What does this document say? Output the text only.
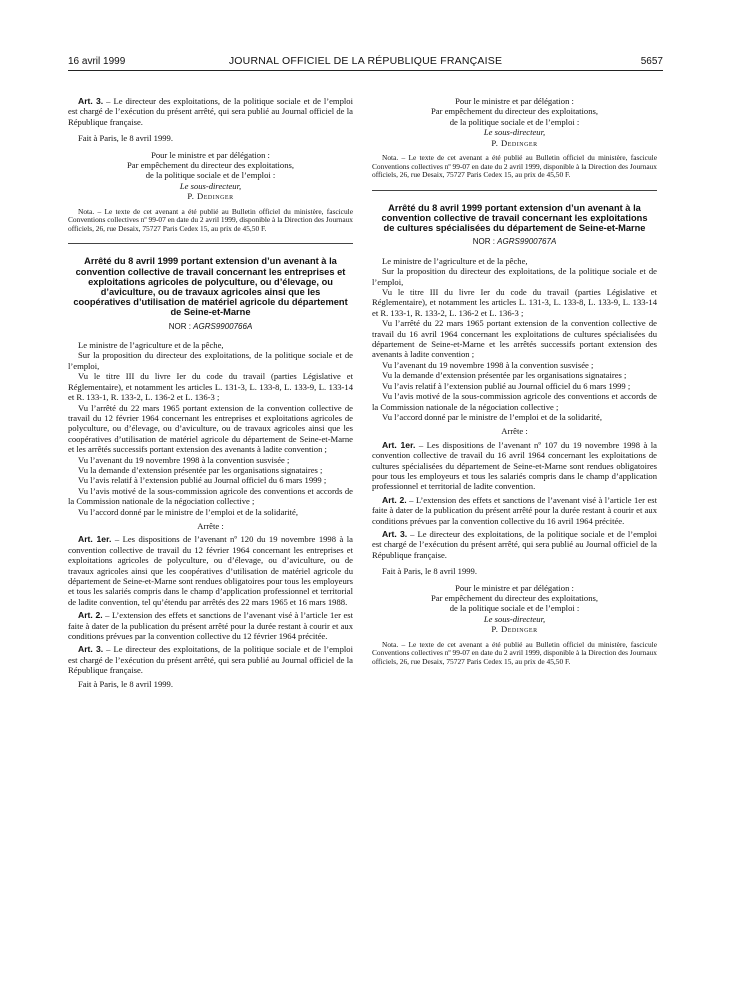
16 avril 1999	JOURNAL OFFICIEL DE LA RÉPUBLIQUE FRANÇAISE	5657

Art. 3. – Le directeur des exploitations, de la politique sociale et de l’emploi est chargé de l’exécution du présent arrêté, qui sera publié au Journal officiel de la République française.

Fait à Paris, le 8 avril 1999.

Pour le ministre et par délégation :

Par empêchement du directeur des exploitations,

de la politique sociale et de l’emploi :

Le sous-directeur,

P. Dedinger

Nota. – Le texte de cet avenant a été publié au Bulletin officiel du ministère, fascicule Conventions collectives nº 99-07 en date du 2 avril 1999, disponible à la Direction des Journaux officiels, 26, rue Desaix, 75727 Paris Cedex 15, au prix de 45,50 F.

Arrêté du 8 avril 1999 portant extension d’un avenant à la convention collective de travail concernant les entreprises et exploitations agricoles de polyculture, ou d’élevage, ou d’aviculture, ou de travaux agricoles ainsi que les coopératives d’utilisation de matériel agricole du département de Seine-et-Marne

NOR : AGRS9900766A

Le ministre de l’agriculture et de la pêche,

Sur la proposition du directeur des exploitations, de la politique sociale et de l’emploi,

Vu le titre III du livre Ier du code du travail (parties Législative et Réglementaire), et notamment les articles L. 131-3, L. 133-8, L. 133-9, L. 133-14 et R. 133-1, R. 133-2, L. 136-2 et L. 136-3 ;

Vu l’arrêté du 22 mars 1965 portant extension de la convention collective de travail du 12 février 1964 concernant les entreprises et exploitations agricoles de polyculture, ou d’élevage, ou d’aviculture, ou de travaux agricoles ainsi que les coopératives d’utilisation de matériel agricole du département de Seine-et-Marne et les arrêtés successifs portant extension des avenants à ladite convention ;

Vu l’avenant du 19 novembre 1998 à la convention susvisée ;

Vu la demande d’extension présentée par les organisations signataires ;

Vu l’avis relatif à l’extension publié au Journal officiel du 6 mars 1999 ;

Vu l’avis motivé de la sous-commission agricole des conventions et accords de la Commission nationale de la négociation collective ;

Vu l’accord donné par le ministre de l’emploi et de la solidarité,

Arrête :

Art. 1er. – Les dispositions de l’avenant nº 120 du 19 novembre 1998 à la convention collective de travail du 12 février 1964 concernant les entreprises et exploitations agricoles de polyculture, ou d’élevage, ou d’aviculture, ou de travaux agricoles ainsi que les coopératives d’utilisation de matériel agricole du département de Seine-et-Marne sont rendues obligatoires pour tous les employeurs et tous les salariés compris dans le champ d’application professionnel et territorial de ladite convention, tel qu’étendu par arrêtés des 22 mars 1965 et 16 mars 1988.

Art. 2. – L’extension des effets et sanctions de l’avenant visé à l’article 1er est faite à dater de la publication du présent arrêté pour la durée restant à courir et aux conditions prévues par la convention collective du 12 février 1964 précitée.

Art. 3. – Le directeur des exploitations, de la politique sociale et de l’emploi est chargé de l’exécution du présent arrêté, qui sera publié au Journal officiel de la République française.

Fait à Paris, le 8 avril 1999.

Pour le ministre et par délégation :

Par empêchement du directeur des exploitations,

de la politique sociale et de l’emploi :

Le sous-directeur,

P. Dedinger

Nota. – Le texte de cet avenant a été publié au Bulletin officiel du ministère, fascicule Conventions collectives nº 99-07 en date du 2 avril 1999, disponible à la Direction des Journaux officiels, 26, rue Desaix, 75727 Paris Cedex 15, au prix de 45,50 F.

Arrêté du 8 avril 1999 portant extension d’un avenant à la convention collective de travail concernant les exploitations de cultures spécialisées du département de Seine-et-Marne

NOR : AGRS9900767A

Le ministre de l’agriculture et de la pêche,

Sur la proposition du directeur des exploitations, de la politique sociale et de l’emploi,

Vu le titre III du livre Ier du code du travail (parties Législative et Réglementaire), et notamment les articles L. 131-3, L. 133-8, L. 133-9, L. 133-14 et R. 133-1, R. 133-2, L. 136-2 et L. 136-3 ;

Vu l’arrêté du 22 mars 1965 portant extension de la convention collective de travail du 16 avril 1964 concernant les exploitations de cultures spécialisées du département de Seine-et-Marne et les arrêtés successifs portant extension des avenants à ladite convention ;

Vu l’avenant du 19 novembre 1998 à la convention susvisée ;

Vu la demande d’extension présentée par les organisations signataires ;

Vu l’avis relatif à l’extension publié au Journal officiel du 6 mars 1999 ;

Vu l’avis motivé de la sous-commission agricole des conventions et accords de la Commission nationale de la négociation collective ;

Vu l’accord donné par le ministre de l’emploi et de la solidarité,

Arrête :

Art. 1er. – Les dispositions de l’avenant nº 107 du 19 novembre 1998 à la convention collective de travail du 16 avril 1964 concernant les exploitations de cultures spécialisées du département de Seine-et-Marne sont rendues obligatoires pour tous les employeurs et tous les salariés compris dans le champ d’application professionnel et territorial de ladite convention.

Art. 2. – L’extension des effets et sanctions de l’avenant visé à l’article 1er est faite à dater de la publication du présent arrêté pour la durée restant à courir et aux conditions prévues par la convention collective du 16 avril 1964 précitée.

Art. 3. – Le directeur des exploitations, de la politique sociale et de l’emploi est chargé de l’exécution du présent arrêté, qui sera publié au Journal officiel de la République française.

Fait à Paris, le 8 avril 1999.

Pour le ministre et par délégation :

Par empêchement du directeur des exploitations,

de la politique sociale et de l’emploi :

Le sous-directeur,

P. Dedinger

Nota. – Le texte de cet avenant a été publié au Bulletin officiel du ministère, fascicule Conventions collectives nº 99-07 en date du 2 avril 1999, disponible à la Direction des Journaux officiels, 26, rue Desaix, 75727 Paris Cedex 15, au prix de 45,50 F.
